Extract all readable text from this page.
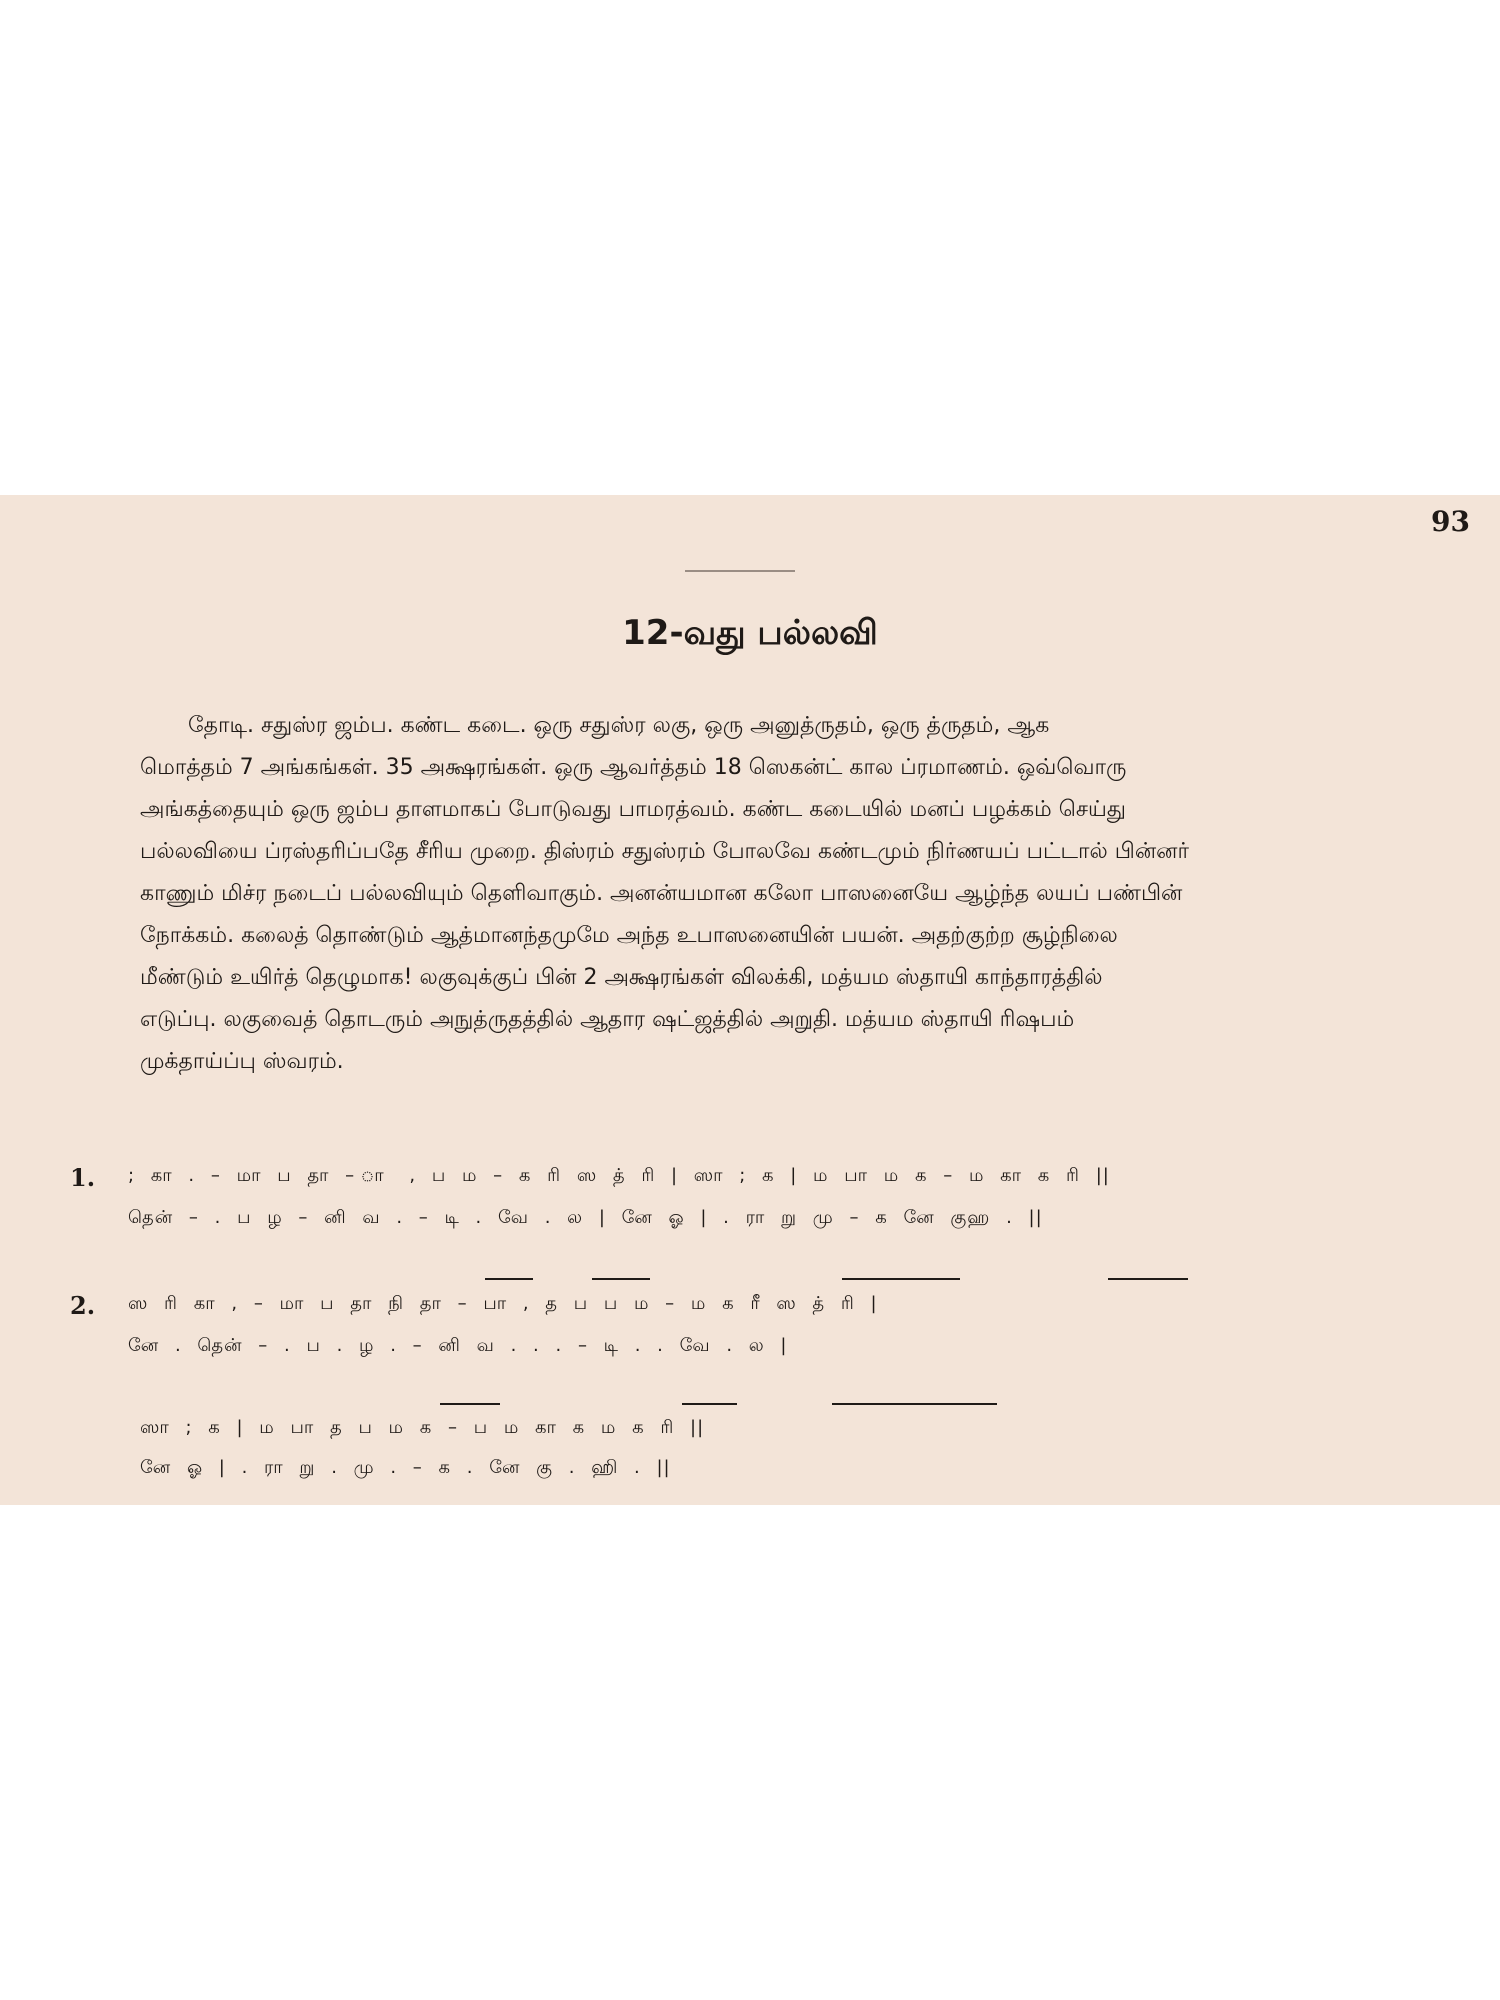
93
12-வது பல்லவி

தோடி. சதுஸ்ர ஜம்ப. கண்ட கடை. ஒரு சதுஸ்ர லகு, ஒரு அனுத்ருதம், ஒரு த்ருதம், ஆக
மொத்தம் 7 அங்கங்கள். 35 அக்ஷரங்கள். ஒரு ஆவர்த்தம் 18 ஸெகன்ட் கால ப்ரமாணம். ஒவ்வொரு
அங்கத்தையும் ஒரு ஜம்ப தாளமாகப் போடுவது பாமரத்வம். கண்ட கடையில் மனப் பழக்கம் செய்து
பல்லவியை ப்ரஸ்தரிப்பதே சீரிய முறை. திஸ்ரம் சதுஸ்ரம் போலவே கண்டமும் நிர்ணயப் பட்டால் பின்னர்
காணும் மிச்ர நடைப் பல்லவியும் தெளிவாகும். அனன்யமான கலோ பாஸனையே ஆழ்ந்த லயப் பண்பின்
நோக்கம். கலைத் தொண்டும் ஆத்மானந்தமுமே அந்த உபாஸனையின் பயன். அதற்குற்ற சூழ்நிலை
மீண்டும் உயிர்த் தெழுமாக! லகுவுக்குப் பின் 2 அக்ஷரங்கள் விலக்கி, மத்யம ஸ்தாயி காந்தாரத்தில்
எடுப்பு. லகுவைத் தொடரும் அநுத்ருதத்தில் ஆதார ஷட்ஜத்தில் அறுதி. மத்யம ஸ்தாயி ரிஷபம்
முக்தாய்ப்பு ஸ்வரம்.

1. ; கா . – மா ப தா – ா , ப ம – க ரி ஸ த் ரி | ஸா ; க | ம பா ம க – ம கா க ரி ||
தென் – . ப ழ – னி வ . – டி . வே . ல | னே ஓ | . ரா று மு – க னே குஹ . ||
2. ஸ ரி கா , – மா ப தா நி தா – பா , த ப ப ம – ம க ரீ ஸ த் ரி |
னே . தென் – . ப . ழ . – னி வ . . . – டி . . வே . ல |
ஸா ; க | ம பா த ப ம க – ப ம கா க ம க ரி ||
னே ஓ | . ரா று . மு . – க . னே கு . ஹி . ||
